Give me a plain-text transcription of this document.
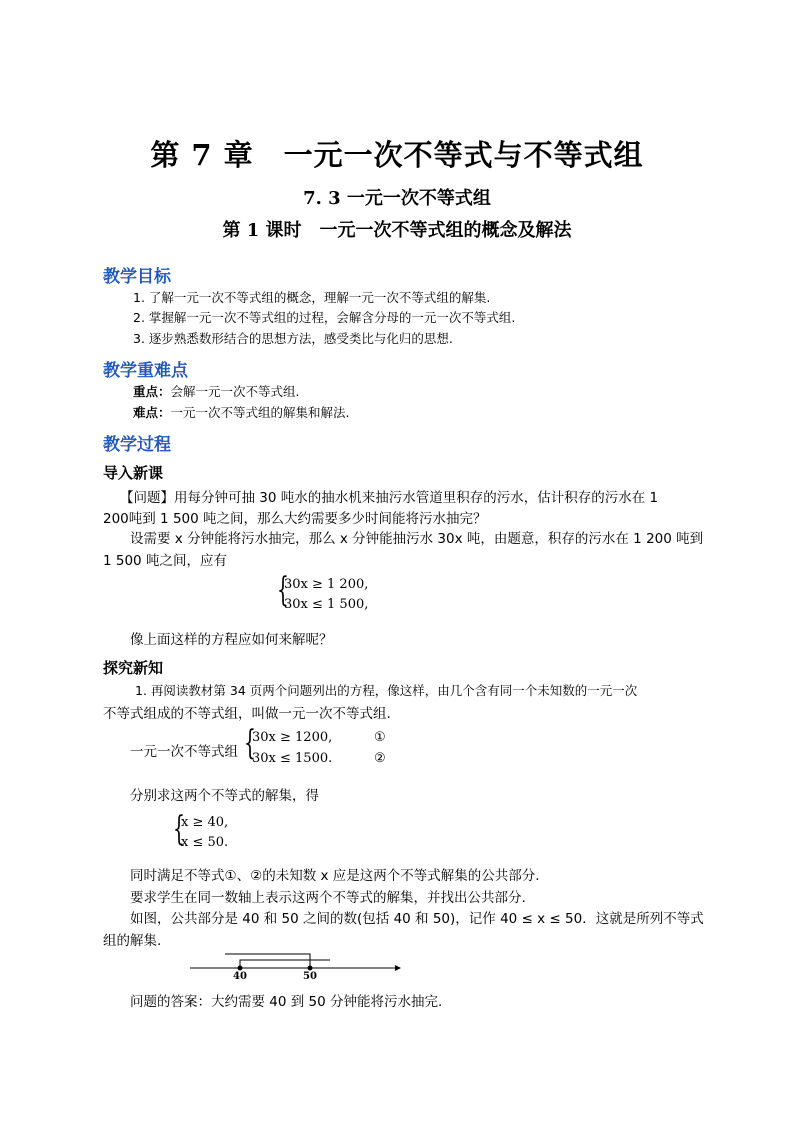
第 7 章　一元一次不等式与不等式组
7. 3 一元一次不等式组
第 1 课时　一元一次不等式组的概念及解法
教学目标
1. 了解一元一次不等式组的概念，理解一元一次不等式组的解集.
2. 掌握解一元一次不等式组的过程，会解含分母的一元一次不等式组.
3. 逐步熟悉数形结合的思想方法，感受类比与化归的思想.
教学重难点
重点：会解一元一次不等式组.
难点：一元一次不等式组的解集和解法.
教学过程
导入新课
【问题】用每分钟可抽 30 吨水的抽水机来抽污水管道里积存的污水，估计积存的污水在 1
200吨到 1 500 吨之间，那么大约需要多少时间能将污水抽完？
设需要 x 分钟能将污水抽完，那么 x 分钟能抽污水 30x 吨，由题意，积存的污水在 1 200 吨到
1 500 吨之间，应有
{
30x ≥ 1 200,
30x ≤ 1 500,
像上面这样的方程应如何来解呢？
探究新知
1. 再阅读教材第 34 页两个问题列出的方程，像这样，由几个含有同一个未知数的一元一次
不等式组成的不等式组，叫做一元一次不等式组.
一元一次不等式组 {
30x ≥ 1200,
30x ≤ 1500.
①
②
分别求这两个不等式的解集，得
{
x ≥ 40,
x ≤ 50.
同时满足不等式①、②的未知数 x 应是这两个不等式解集的公共部分.
要求学生在同一数轴上表示这两个不等式的解集，并找出公共部分.
如图，公共部分是 40 和 50 之间的数(包括 40 和 50)，记作 40 ≤ x ≤ 50．这就是所列不等式
组的解集.
40	50
问题的答案：大约需要 40 到 50 分钟能将污水抽完.
